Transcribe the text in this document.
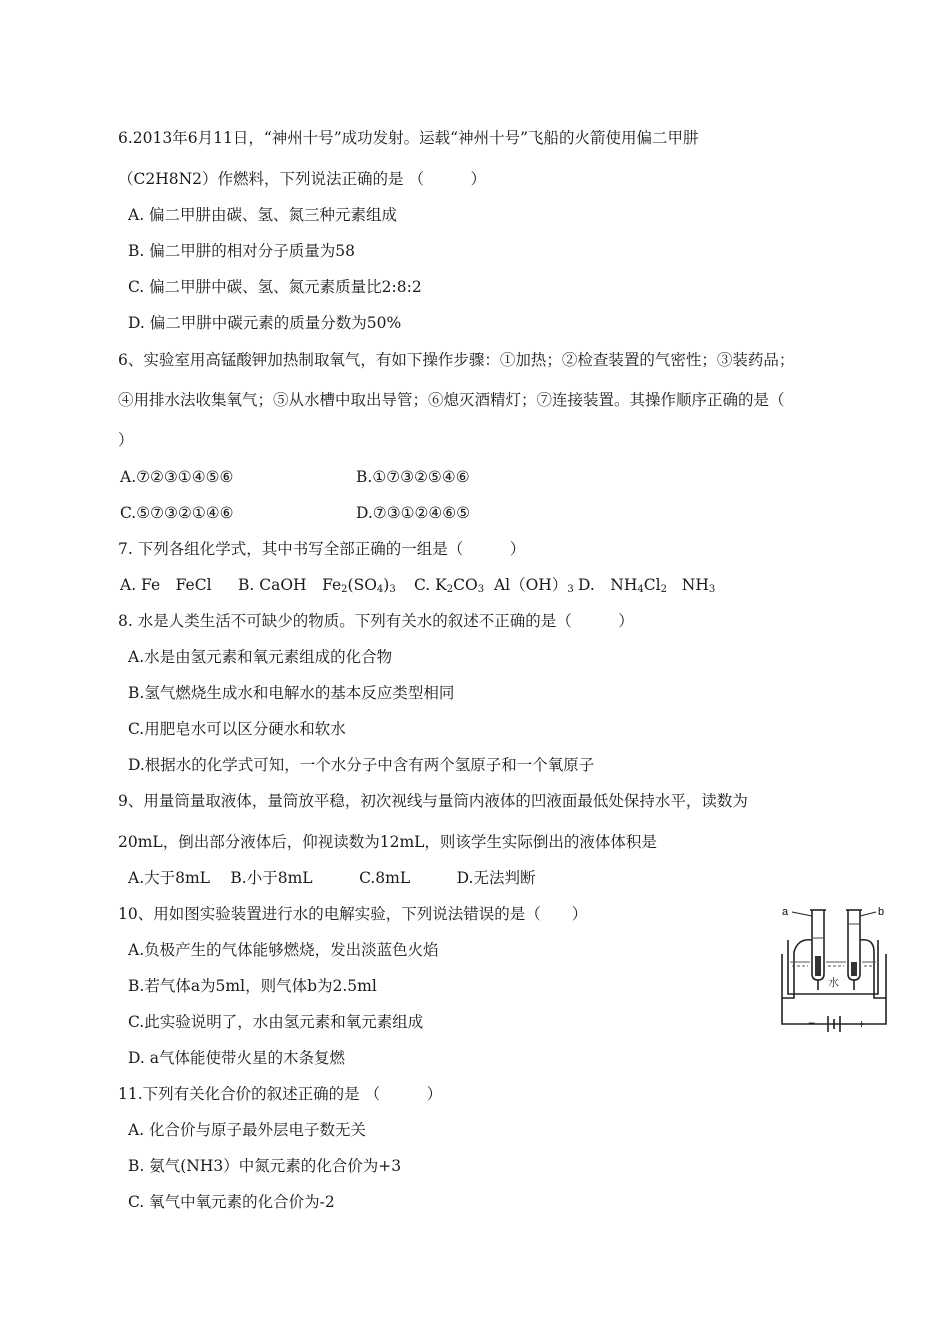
6.2013年6月11日，“神州十号”成功发射。运载“神州十号”飞船的火箭使用偏二甲肼
（C2H8N2）作燃料，下列说法正确的是 （　　　）
A. 偏二甲肼由碳、氢、氮三种元素组成
B. 偏二甲肼的相对分子质量为58
C. 偏二甲肼中碳、氢、氮元素质量比2:8:2
D. 偏二甲肼中碳元素的质量分数为50%
6、实验室用高锰酸钾加热制取氧气，有如下操作步骤：①加热；②检查装置的气密性；③装药品；
④用排水法收集氧气；⑤从水槽中取出导管；⑥熄灭酒精灯；⑦连接装置。其操作顺序正确的是（
）
A.⑦②③①④⑤⑥	B.①⑦③②⑤④⑥
C.⑤⑦③②①④⑥	D.⑦③①②④⑥⑤
7. 下列各组化学式，其中书写全部正确的一组是（　　　）
A. Fe　FeCl B. CaOH　$Fe_2(SO_4)_3$ C. $K_2CO_3$ $Al(OH)_3$ D.　$NH_4Cl_2$ $NH_3$
8. 水是人类生活不可缺少的物质。下列有关水的叙述不正确的是（　　　）
A.水是由氢元素和氧元素组成的化合物
B.氢气燃烧生成水和电解水的基本反应类型相同
C.用肥皂水可以区分硬水和软水
D.根据水的化学式可知，一个水分子中含有两个氢原子和一个氧原子
9、用量筒量取液体，量筒放平稳，初次视线与量筒内液体的凹液面最低处保持水平，读数为
20mL，倒出部分液体后，仰视读数为12mL，则该学生实际倒出的液体体积是
A.大于8mL　 B.小于8mL　　　C.8mL　　　D.无法判断
10、用如图实验装置进行水的电解实验，下列说法错误的是（　　）
A.负极产生的气体能够燃烧，发出淡蓝色火焰
B.若气体a为5ml，则气体b为2.5ml
C.此实验说明了，水由氢元素和氧元素组成
D. a气体能使带火星的木条复燃
a	b
水
−	+
11.下列有关化合价的叙述正确的是 （　　　）
A. 化合价与原子最外层电子数无关
B. 氨气(NH3）中氮元素的化合价为+3
C. 氧气中氧元素的化合价为-2
